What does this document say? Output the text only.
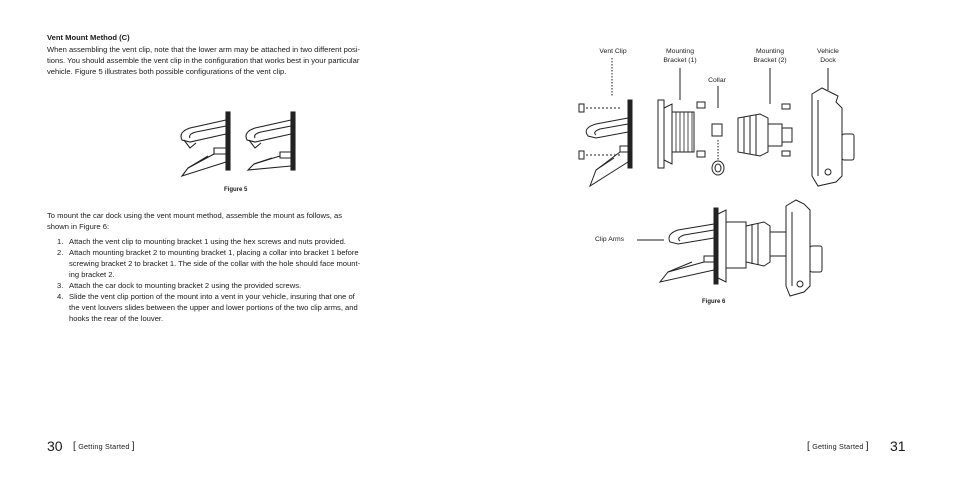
Vent Mount Method (C)
When assembling the vent clip, note that the lower arm may be attached in two different posi-
tions. You should assemble the vent clip in the configuration that works best in your particular
vehicle. Figure 5 illustrates both possible configurations of the vent clip.
Figure 5
To mount the car dock using the vent mount method, assemble the mount as follows, as
shown in Figure 6:
1. Attach the vent clip to mounting bracket 1 using the hex screws and nuts provided.
2. Attach mounting bracket 2 to mounting bracket 1, placing a collar into bracket 1 before
screwing bracket 2 to bracket 1. The side of the collar with the hole should face mount-
ing bracket 2.
3. Attach the car dock to mounting bracket 2 using the provided screws.
4. Slide the vent clip portion of the mount into a vent in your vehicle, insuring that one of
the vent louvers slides between the upper and lower portions of the two clip arms, and
hooks the rear of the louver.
30 [ Getting Started ]
Vent Clip	Mounting
Bracket (1)
Collar
Mounting
Bracket (2)
Vehicle
Dock
Clip Arms
Figure 6
[ Getting Started ] 31
